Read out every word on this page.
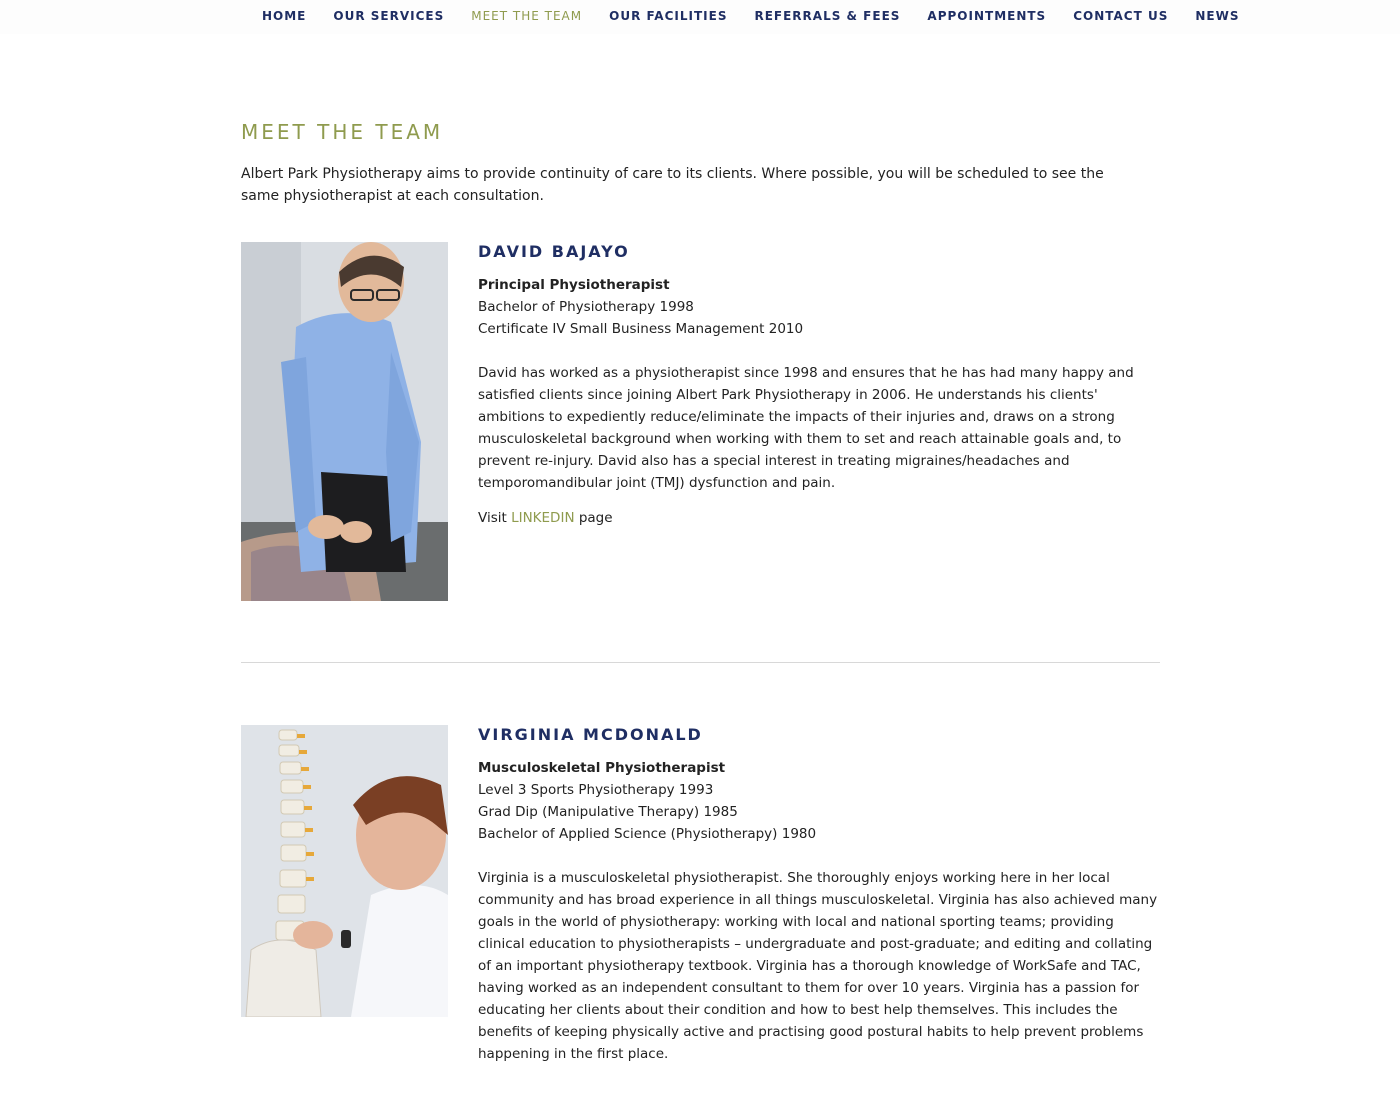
HOME OUR SERVICES MEET THE TEAM OUR FACILITIES REFERRALS & FEES APPOINTMENTS CONTACT US NEWS
MEET THE TEAM

Albert Park Physiotherapy aims to provide continuity of care to its clients. Where possible, you will be scheduled to see the same physiotherapist at each consultation.

DAVID BAJAYO

Principal Physiotherapist

Bachelor of Physiotherapy 1998

Certificate IV Small Business Management 2010

David has worked as a physiotherapist since 1998 and ensures that he has had many happy and satisfied clients since joining Albert Park Physiotherapy in 2006. He understands his clients' ambitions to expediently reduce/eliminate the impacts of their injuries and, draws on a strong musculoskeletal background when working with them to set and reach attainable goals and, to prevent re-injury. David also has a special interest in treating migraines/headaches and temporomandibular joint (TMJ) dysfunction and pain.

Visit LINKEDIN page

VIRGINIA MCDONALD

Musculoskeletal Physiotherapist

Level 3 Sports Physiotherapy 1993

Grad Dip (Manipulative Therapy) 1985

Bachelor of Applied Science (Physiotherapy) 1980

Virginia is a musculoskeletal physiotherapist. She thoroughly enjoys working here in her local community and has broad experience in all things musculoskeletal. Virginia has also achieved many goals in the world of physiotherapy: working with local and national sporting teams; providing clinical education to physiotherapists – undergraduate and post-graduate; and editing and collating of an important physiotherapy textbook. Virginia has a thorough knowledge of WorkSafe and TAC, having worked as an independent consultant to them for over 10 years. Virginia has a passion for educating her clients about their condition and how to best help themselves. This includes the benefits of keeping physically active and practising good postural habits to help prevent problems happening in the first place.
